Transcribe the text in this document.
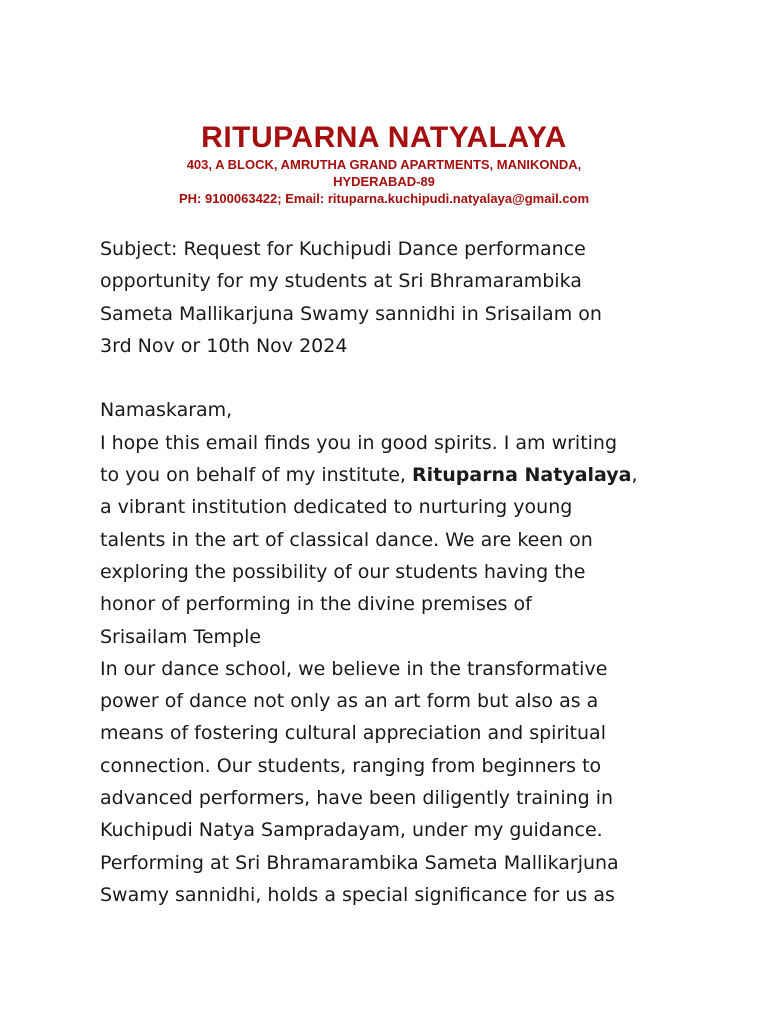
RITUPARNA NATYALAYA

403, A BLOCK, AMRUTHA GRAND APARTMENTS, MANIKONDA,

HYDERABAD-89

PH: 9100063422; Email: rituparna.kuchipudi.natyalaya@gmail.com

Subject: Request for Kuchipudi Dance performance

opportunity for my students at Sri Bhramarambika

Sameta Mallikarjuna Swamy sannidhi in Srisailam on

3rd Nov or 10th Nov 2024

Namaskaram,

I hope this email finds you in good spirits. I am writing

to you on behalf of my institute, Rituparna Natyalaya,

a vibrant institution dedicated to nurturing young

talents in the art of classical dance. We are keen on

exploring the possibility of our students having the

honor of performing in the divine premises of

Srisailam Temple

In our dance school, we believe in the transformative

power of dance not only as an art form but also as a

means of fostering cultural appreciation and spiritual

connection. Our students, ranging from beginners to

advanced performers, have been diligently training in

Kuchipudi Natya Sampradayam, under my guidance.

Performing at Sri Bhramarambika Sameta Mallikarjuna

Swamy sannidhi, holds a special significance for us as
